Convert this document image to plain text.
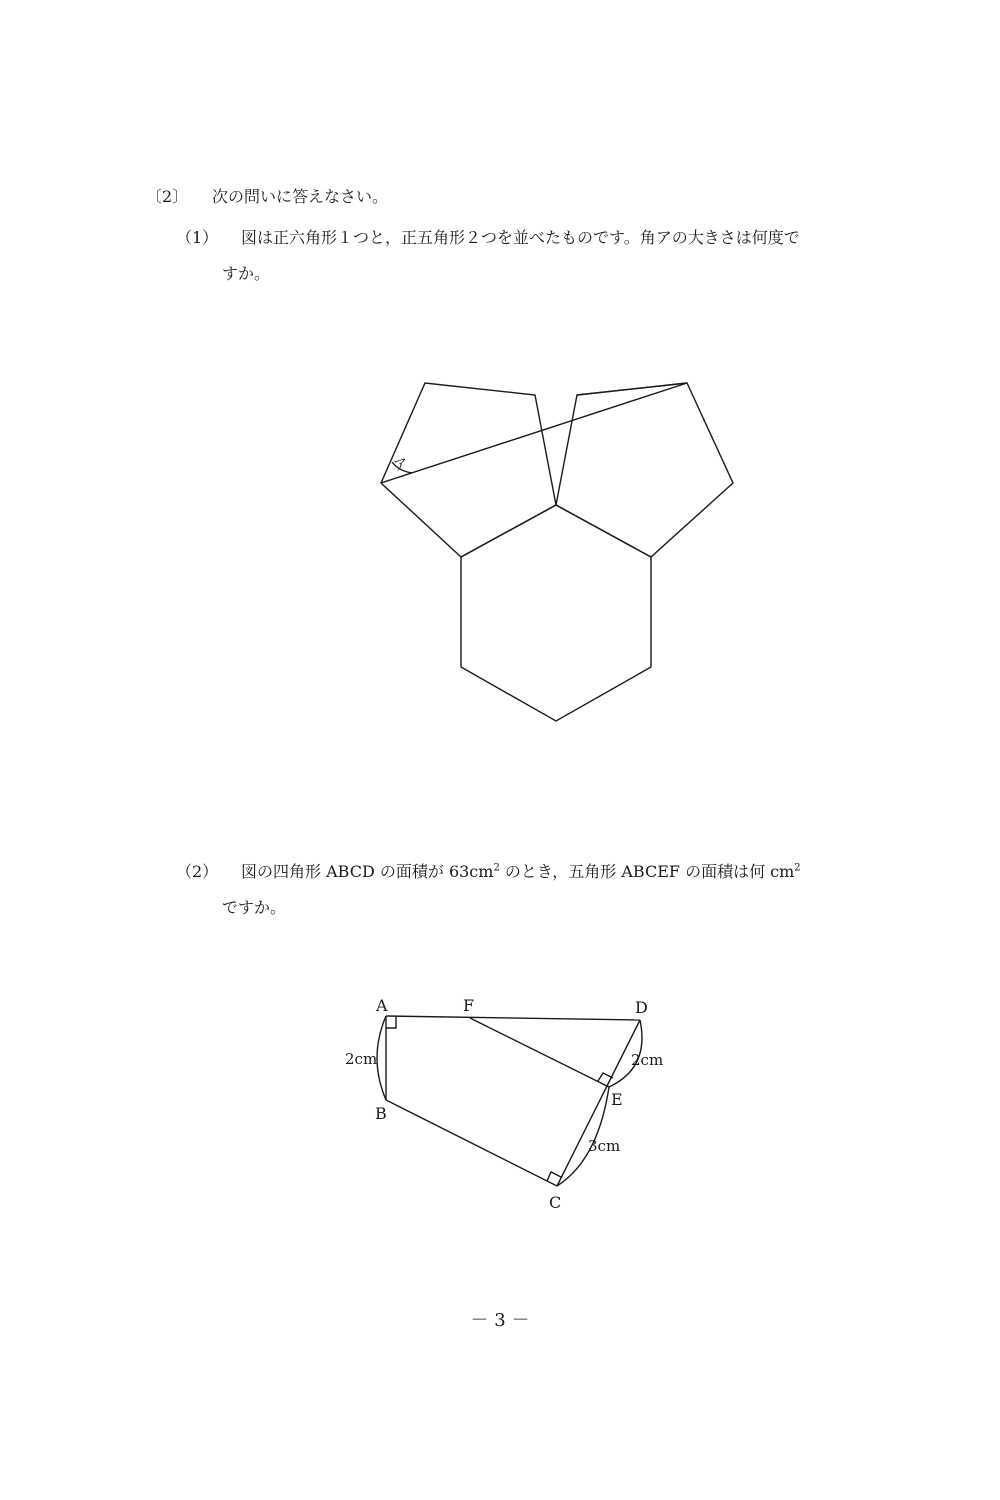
〔2〕 次の問いに答えなさい。
（1） 図は正六角形１つと，正五角形２つを並べたものです。角アの大きさは何度で
すか。
（2） 図の四角形 ABCD の面積が $63cm^2$ のとき，五角形 ABCEF の面積は何 $cm^2$
ですか。
ア
A	F	D
B
E
C
2cm	2cm
3cm
－ 3 －
